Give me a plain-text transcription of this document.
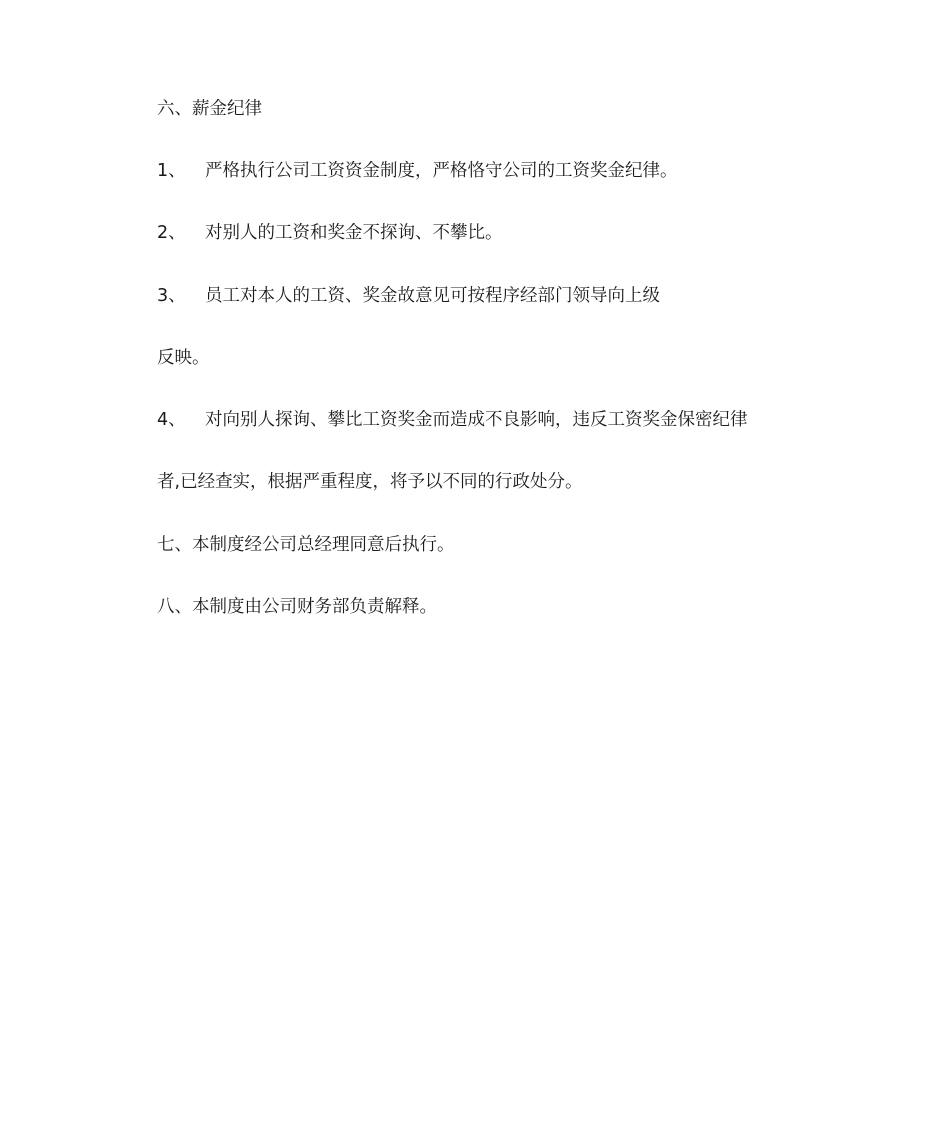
六、薪金纪律
1、 严格执行公司工资资金制度，严格恪守公司的工资奖金纪律。
2、 对别人的工资和奖金不探询、不攀比。
3、 员工对本人的工资、奖金故意见可按程序经部门领导向上级
反映。
4、 对向别人探询、攀比工资奖金而造成不良影响，违反工资奖金保密纪律
者,已经查实，根据严重程度，将予以不同的行政处分。
七、本制度经公司总经理同意后执行。
八、本制度由公司财务部负责解释。
